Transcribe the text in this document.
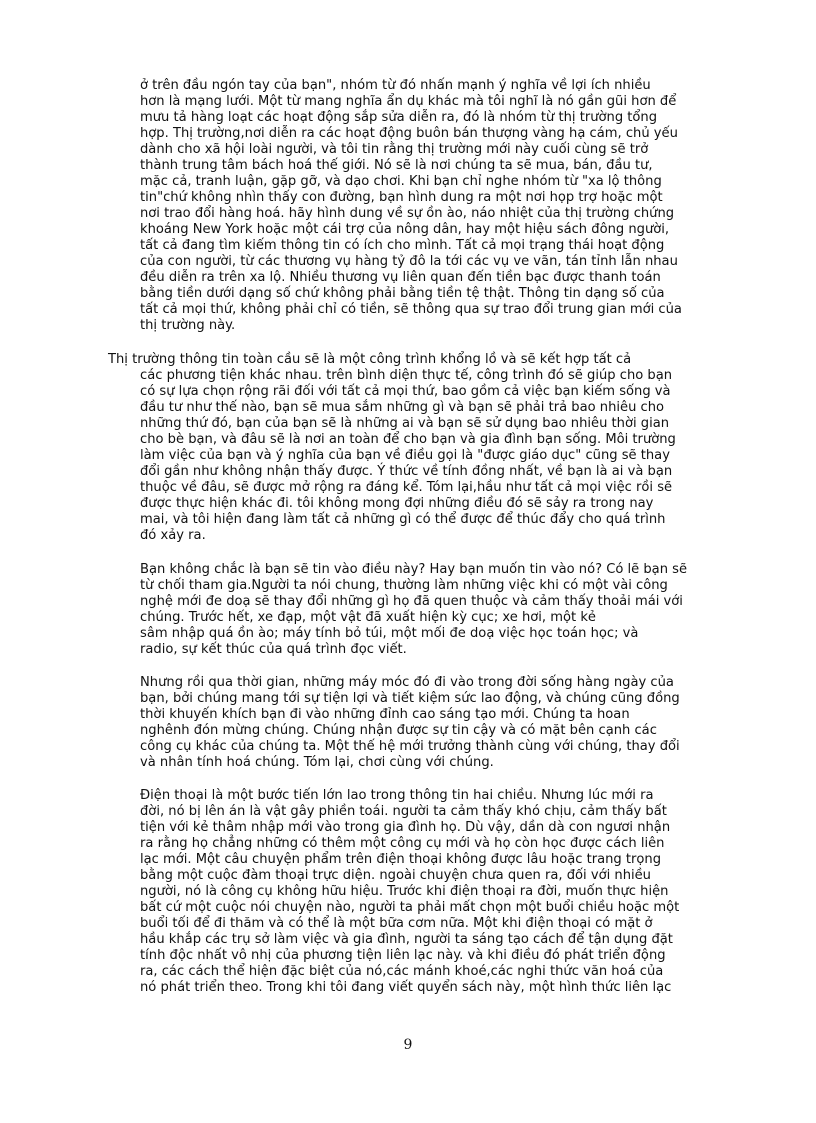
ở trên đầu ngón tay của bạn", nhóm từ đó nhấn mạnh ý nghĩa về lợi ích nhiều
hơn là mạng lưới. Một từ mang nghĩa ẩn dụ khác mà tôi nghĩ là nó gần gũi hơn để
mưu tả hàng loạt các hoạt động sắp sửa diễn ra, đó là nhóm từ thị trường tổng
hợp. Thị trường,nơi diễn ra các hoạt động buôn bán thượng vàng hạ cám, chủ yếu
dành cho xã hội loài người, và tôi tin rằng thị trường mới này cuối cùng sẽ trở
thành trung tâm bách hoá thế giới. Nó sẽ là nơi chúng ta sẽ mua, bán, đầu tư,
mặc cả, tranh luận, gặp gỡ, và dạo chơi. Khi bạn chỉ nghe nhóm từ "xa lộ thông
tin"chứ không nhìn thấy con đường, bạn hình dung ra một nơi họp trợ hoặc một
nơi trao đổi hàng hoá. hãy hình dung về sự ồn ào, náo nhiệt của thị trường chứng
khoáng New York hoặc một cái trợ của nông dân, hay một hiệu sách đông người,
tất cả đang tìm kiếm thông tin có ích cho mình. Tất cả mọi trạng thái hoạt động
của con người, từ các thương vụ hàng tỷ đô la tới các vụ ve vãn, tán tỉnh lẫn nhau
đều diễn ra trên xa lộ. Nhiều thương vụ liên quan đến tiền bạc được thanh toán
bằng tiền dưới dạng số chứ không phải bằng tiền tệ thật. Thông tin dạng số của
tất cả mọi thứ, không phải chỉ có tiền, sẽ thông qua sự trao đổi trung gian mới của
thị trường này.
Thị trường thông tin toàn cầu sẽ là một công trình khổng lồ và sẽ kết hợp tất cả
các phương tiện khác nhau. trên bình diện thực tế, công trình đó sẽ giúp cho bạn
có sự lựa chọn rộng rãi đối với tất cả mọi thứ, bao gồm cả việc bạn kiếm sống và
đầu tư như thế nào, bạn sẽ mua sắm những gì và bạn sẽ phải trả bao nhiêu cho
những thứ đó, bạn của bạn sẽ là những ai và bạn sẽ sử dụng bao nhiêu thời gian
cho bè bạn, và đâu sẽ là nơi an toàn để cho bạn và gia đình bạn sống. Môi trường
làm việc của bạn và ý nghĩa của bạn về điều gọi là "được giáo dục" cũng sẽ thay
đổi gần như không nhận thấy được. Ý thức về tính đồng nhất, về bạn là ai và bạn
thuộc về đâu, sẽ được mở rộng ra đáng kể. Tóm lại,hầu như tất cả mọi việc rồi sẽ
được thực hiện khác đi. tôi không mong đợi những điều đó sẽ sảy ra trong nay
mai, và tôi hiện đang làm tất cả những gì có thể được để thúc đẩy cho quá trình
đó xảy ra.
Bạn không chắc là bạn sẽ tin vào điều này? Hay bạn muốn tin vào nó? Có lẽ bạn sẽ
từ chối tham gia.Người ta nói chung, thường làm những việc khi có một vài công
nghệ mới đe doạ sẽ thay đổi những gì họ đã quen thuộc và cảm thấy thoải mái với
chúng. Trước hết, xe đạp, một vật đã xuất hiện kỳ cục; xe hơi, một kẻ
sâm nhập quá ồn ào; máy tính bỏ túi, một mối đe doạ việc học toán học; và
radio, sự kết thúc của quá trình đọc viết.
Nhưng rồi qua thời gian, những máy móc đó đi vào trong đời sống hàng ngày của
bạn, bởi chúng mang tới sự tiện lợi và tiết kiệm sức lao động, và chúng cũng đồng
thời khuyến khích bạn đi vào những đỉnh cao sáng tạo mới. Chúng ta hoan
nghênh đón mừng chúng. Chúng nhận được sự tin cậy và có mặt bên cạnh các
công cụ khác của chúng ta. Một thế hệ mới trưởng thành cùng với chúng, thay đổi
và nhân tính hoá chúng. Tóm lại, chơi cùng với chúng.
Điện thoại là một bước tiến lớn lao trong thông tin hai chiều. Nhưng lúc mới ra
đời, nó bị lên án là vật gây phiền toái. người ta cảm thấy khó chịu, cảm thấy bất
tiện với kẻ thâm nhập mới vào trong gia đình họ. Dù vậy, dần dà con ngươi nhận
ra rằng họ chẳng những có thêm một công cụ mới và họ còn học được cách liên
lạc mới. Một câu chuyện phẩm trên điện thoại không được lâu hoặc trang trọng
bằng một cuộc đàm thoại trực diện. ngoài chuyện chưa quen ra, đối với nhiều
người, nó là công cụ không hữu hiệu. Trước khi điện thoại ra đời, muốn thực hiện
bất cứ một cuộc nói chuyện nào, người ta phải mất chọn một buổi chiều hoặc một
buổi tối để đi thăm và có thể là một bữa cơm nữa. Một khi điện thoại có mặt ở
hầu khắp các trụ sở làm việc và gia đình, người ta sáng tạo cách để tận dụng đặt
tính độc nhất vô nhị của phương tiện liên lạc này. và khi điều đó phát triển động
ra, các cách thể hiện đặc biệt của nó,các mánh khoé,các nghi thức văn hoá của
nó phát triển theo. Trong khi tôi đang viết quyển sách này, một hình thức liên lạc
9
